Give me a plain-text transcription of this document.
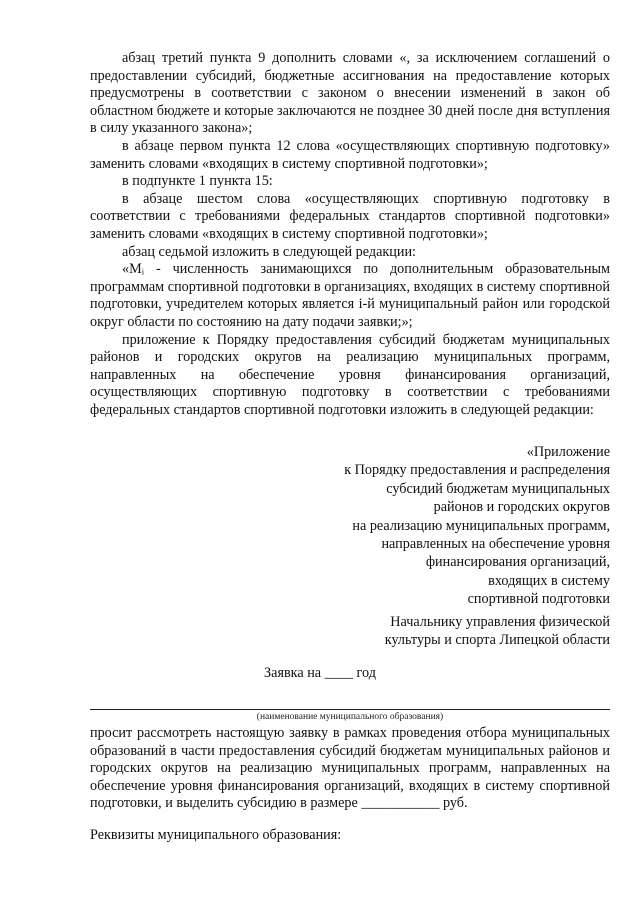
абзац третий пункта 9 дополнить словами «, за исключением соглашений о предоставлении субсидий, бюджетные ассигнования на предоставление которых предусмотрены в соответствии с законом о внесении изменений в закон об областном бюджете и которые заключаются не позднее 30 дней после дня вступления в силу указанного закона»;

в абзаце первом пункта 12 слова «осуществляющих спортивную подготовку» заменить словами «входящих в систему спортивной подготовки»;

в подпункте 1 пункта 15:

в абзаце шестом слова «осуществляющих спортивную подготовку в соответствии с требованиями федеральных стандартов спортивной подготовки» заменить словами «входящих в систему спортивной подготовки»;

абзац седьмой изложить в следующей редакции:

«Mᵢ - численность занимающихся по дополнительным образовательным программам спортивной подготовки в организациях, входящих в систему спортивной подготовки, учредителем которых является i-й муниципальный район или городской округ области по состоянию на дату подачи заявки;»;

приложение к Порядку предоставления субсидий бюджетам муниципальных районов и городских округов на реализацию муниципальных программ, направленных на обеспечение уровня финансирования организаций, осуществляющих спортивную подготовку в соответствии с требованиями федеральных стандартов спортивной подготовки изложить в следующей редакции:

«Приложение
к Порядку предоставления и распределения
субсидий бюджетам муниципальных
районов и городских округов
на реализацию муниципальных программ,
направленных на обеспечение уровня
финансирования организаций,
входящих в систему
спортивной подготовки
Начальнику управления физической
культуры и спорта Липецкой области
Заявка на ____ год
(наименование муниципального образования)

просит рассмотреть настоящую заявку в рамках проведения отбора муниципальных образований в части предоставления субсидий бюджетам муниципальных районов и городских округов на реализацию муниципальных программ, направленных на обеспечение уровня финансирования организаций, входящих в систему спортивной подготовки, и выделить субсидию в размере ___________ руб.

Реквизиты муниципального образования:
